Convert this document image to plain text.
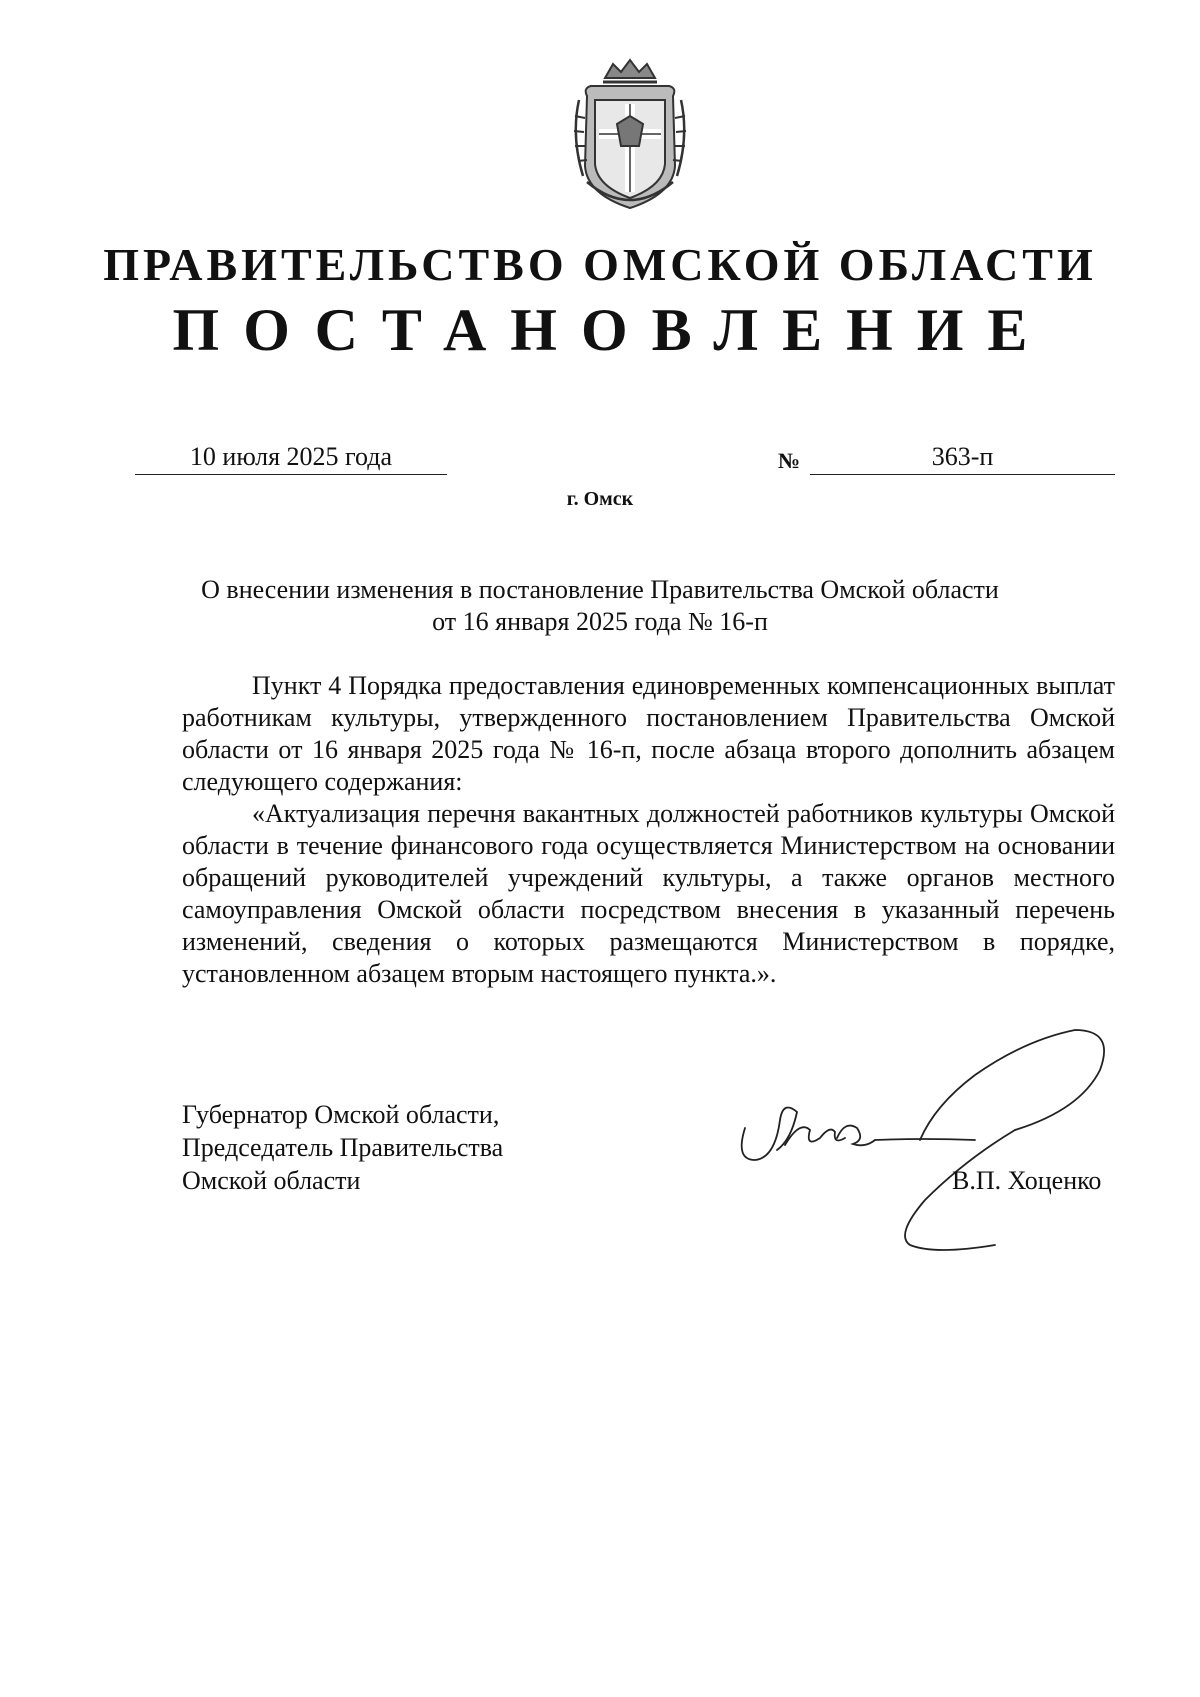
ПРАВИТЕЛЬСТВО ОМСКОЙ ОБЛАСТИ
ПОСТАНОВЛЕНИЕ
10 июля 2025 года	№	363-п
г. Омск
О внесении изменения в постановление Правительства Омской области
от 16 января 2025 года № 16-п

Пункт 4 Порядка предоставления единовременных компенсационных выплат работникам культуры, утвержденного постановлением Правительства Омской области от 16 января 2025 года № 16-п, после абзаца второго дополнить абзацем следующего содержания:

«Актуализация перечня вакантных должностей работников культуры Омской области в течение финансового года осуществляется Министерством на основании обращений руководителей учреждений культуры, а также органов местного самоуправления Омской области посредством внесения в указанный перечень изменений, сведения о которых размещаются Министерством в порядке, установленном абзацем вторым настоящего пункта.».

Губернатор Омской области,
Председатель Правительства
Омской области	В.П. Хоценко
